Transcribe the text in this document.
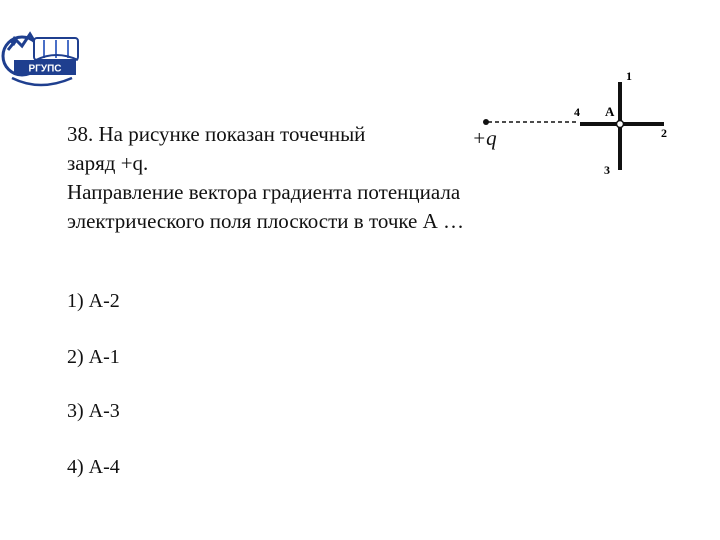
РГУПС
38. На рисунке показан точечный
заряд +q.
Направление вектора градиента потенциала
электрического поля плоскости в точке А …
+q
A
1
2
3
4
1) А-2
2) А-1
3) А-3
4) А-4
